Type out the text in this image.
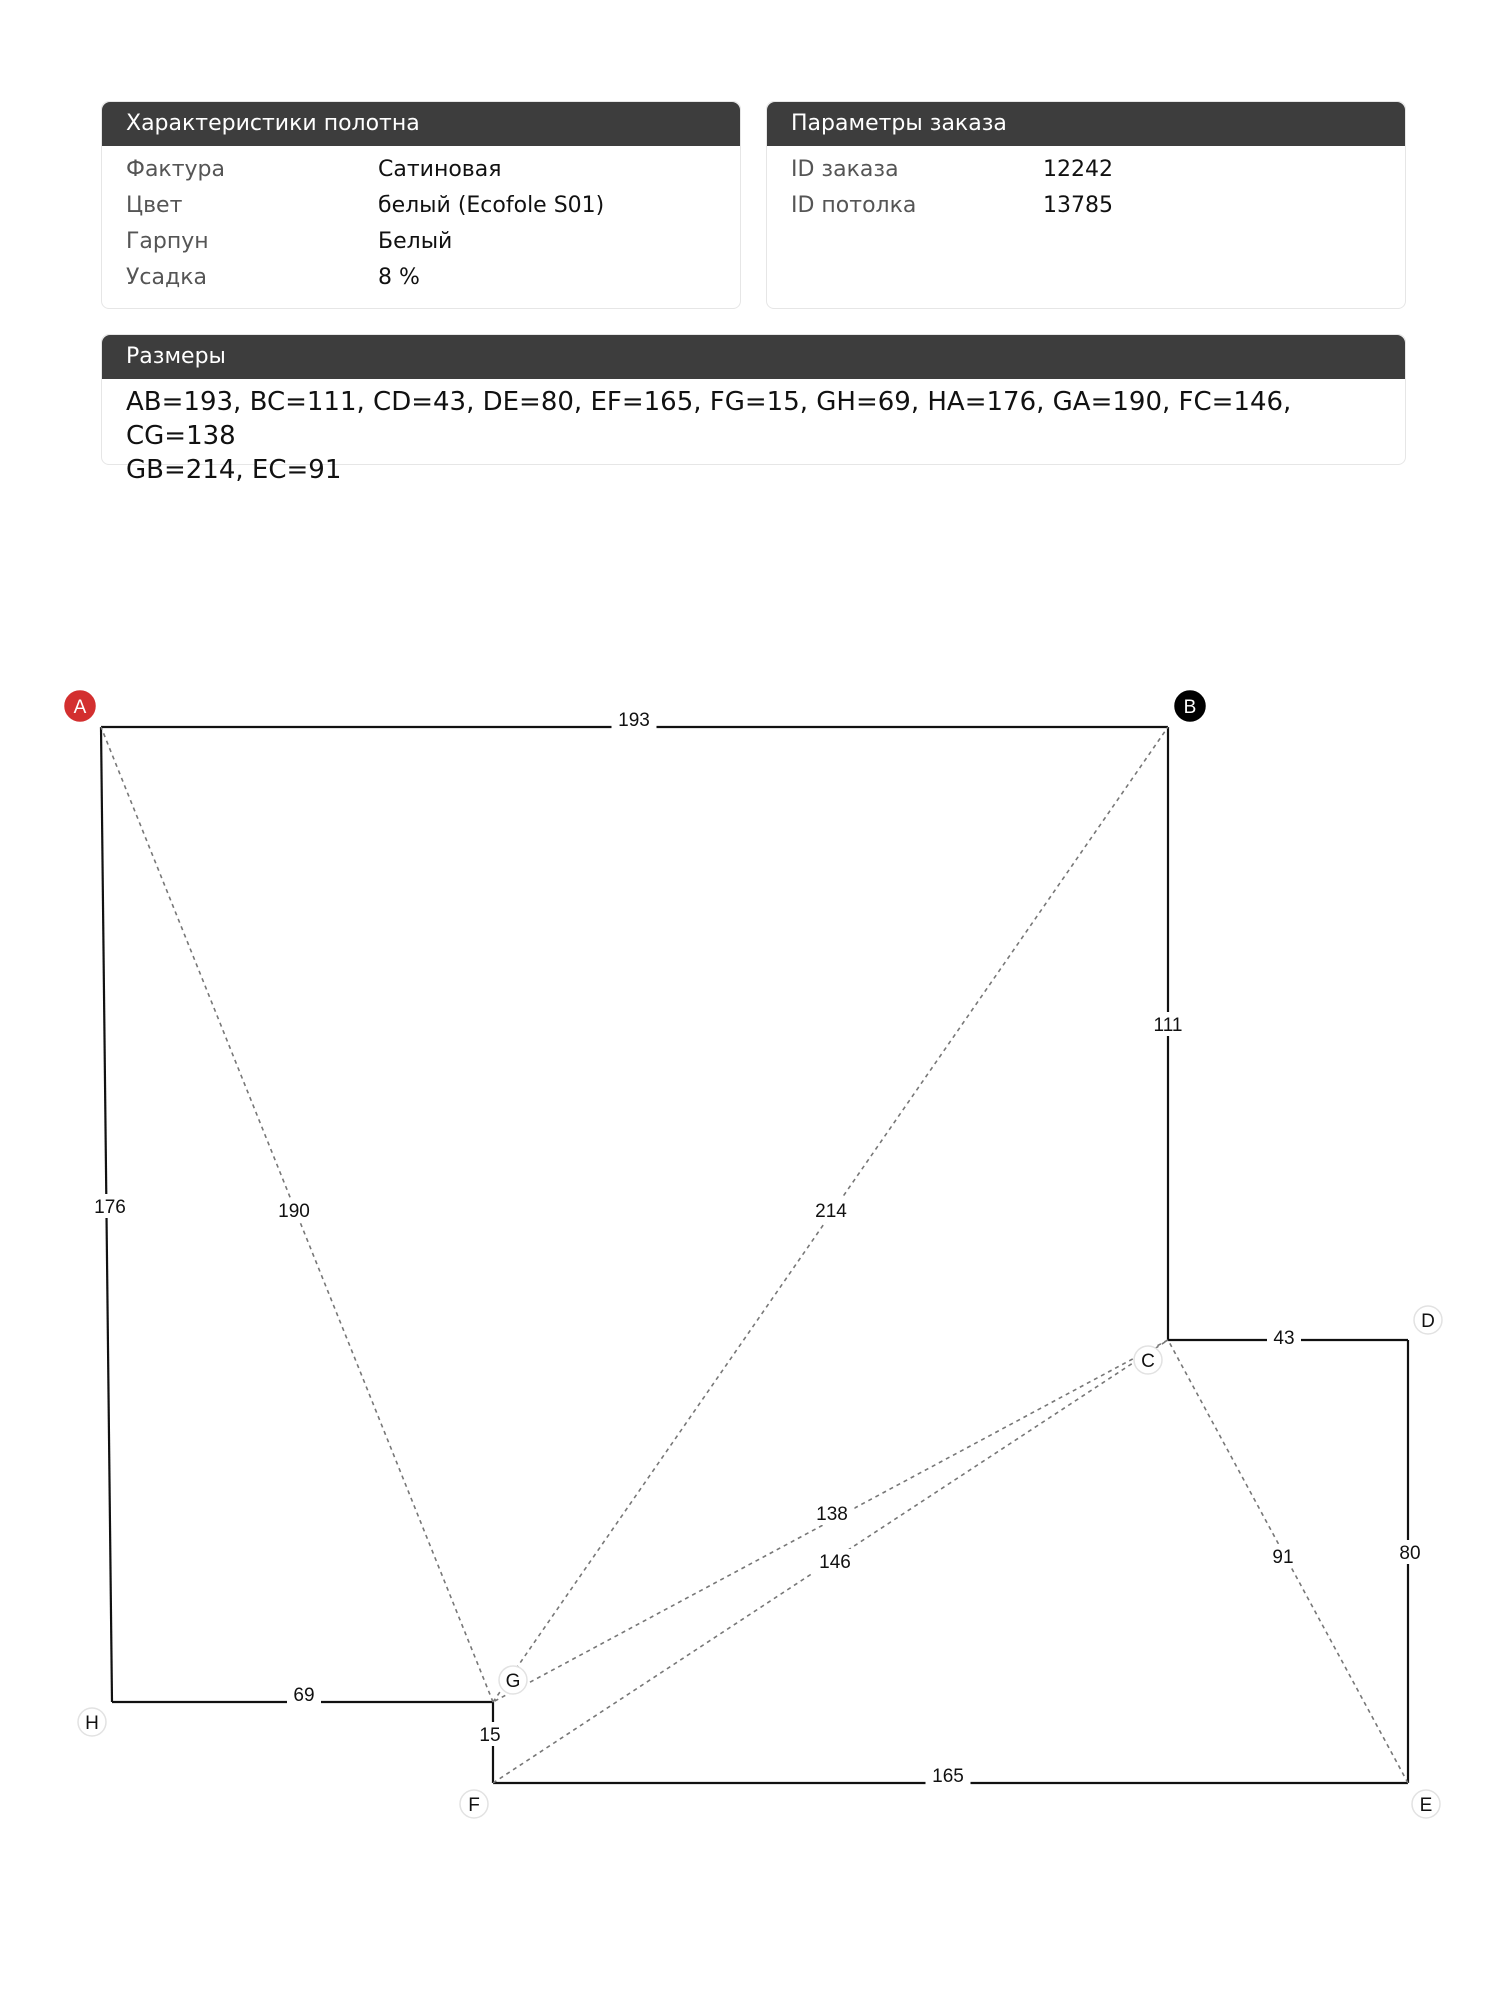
Характеристики полотна
Фактура	Сатиновая
Цвет	белый (Ecofole S01)
Гарпун	Белый
Усадка	8 %
Параметры заказа
ID заказа	12242
ID потолка	13785
Размеры
AB=193, BC=111, CD=43, DE=80, EF=165, FG=15, GH=69, HA=176, GA=190, FC=146, CG=138
GB=214, EC=91
193
111
43
80
165
15
69
176	190
146
138
214
91
A	B
C
D
E
F
G
H
